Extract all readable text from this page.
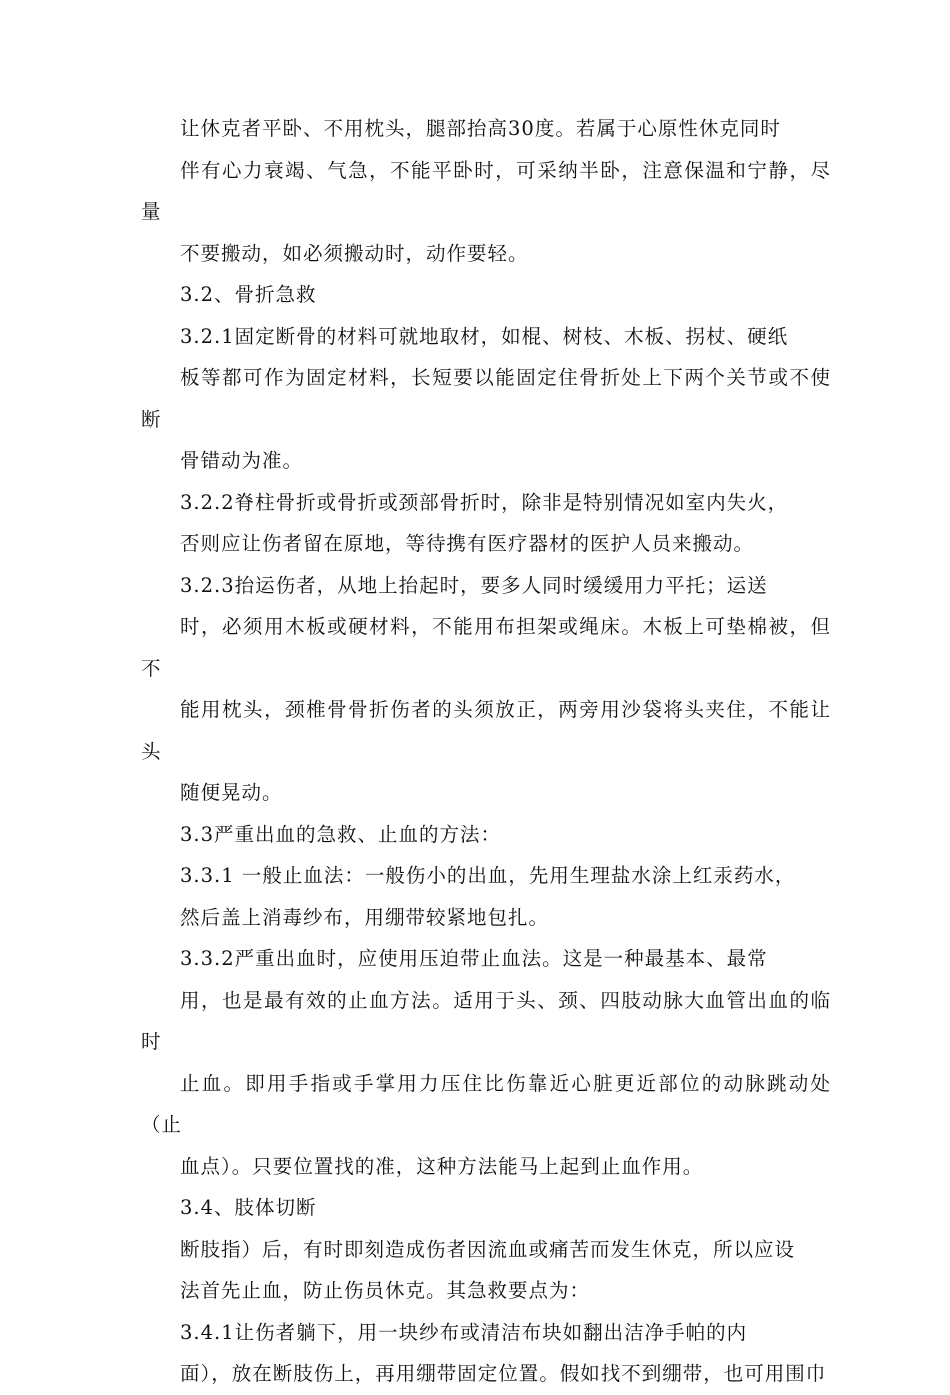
让休克者平卧、不用枕头，腿部抬高30度。若属于心原性休克同时
伴有心力衰竭、气急，不能平卧时，可采纳半卧，注意保温和宁静，尽量
不要搬动，如必须搬动时，动作要轻。

3.2、骨折急救

3.2.1固定断骨的材料可就地取材，如棍、树枝、木板、拐杖、硬纸
板等都可作为固定材料，长短要以能固定住骨折处上下两个关节或不使断
骨错动为准。

3.2.2脊柱骨折或骨折或颈部骨折时，除非是特别情况如室内失火，
否则应让伤者留在原地，等待携有医疗器材的医护人员来搬动。

3.2.3抬运伤者，从地上抬起时，要多人同时缓缓用力平托；运送
时，必须用木板或硬材料，不能用布担架或绳床。木板上可垫棉被，但不
能用枕头，颈椎骨骨折伤者的头须放正，两旁用沙袋将头夹住，不能让头
随便晃动。

3.3严重出血的急救、止血的方法：

3.3.1 一般止血法：一般伤小的出血，先用生理盐水涂上红汞药水，
然后盖上消毒纱布，用绷带较紧地包扎。

3.3.2严重出血时，应使用压迫带止血法。这是一种最基本、最常
用，也是最有效的止血方法。适用于头、颈、四肢动脉大血管出血的临时
止血。即用手指或手掌用力压住比伤靠近心脏更近部位的动脉跳动处（止
血点）。只要位置找的准，这种方法能马上起到止血作用。

3.4、肢体切断

断肢指）后，有时即刻造成伤者因流血或痛苦而发生休克，所以应设
法首先止血，防止伤员休克。其急救要点为：

3.4.1让伤者躺下，用一块纱布或清洁布块如翻出洁净手帕的内
面），放在断肢伤上，再用绷带固定位置。假如找不到绷带，也可用围巾
